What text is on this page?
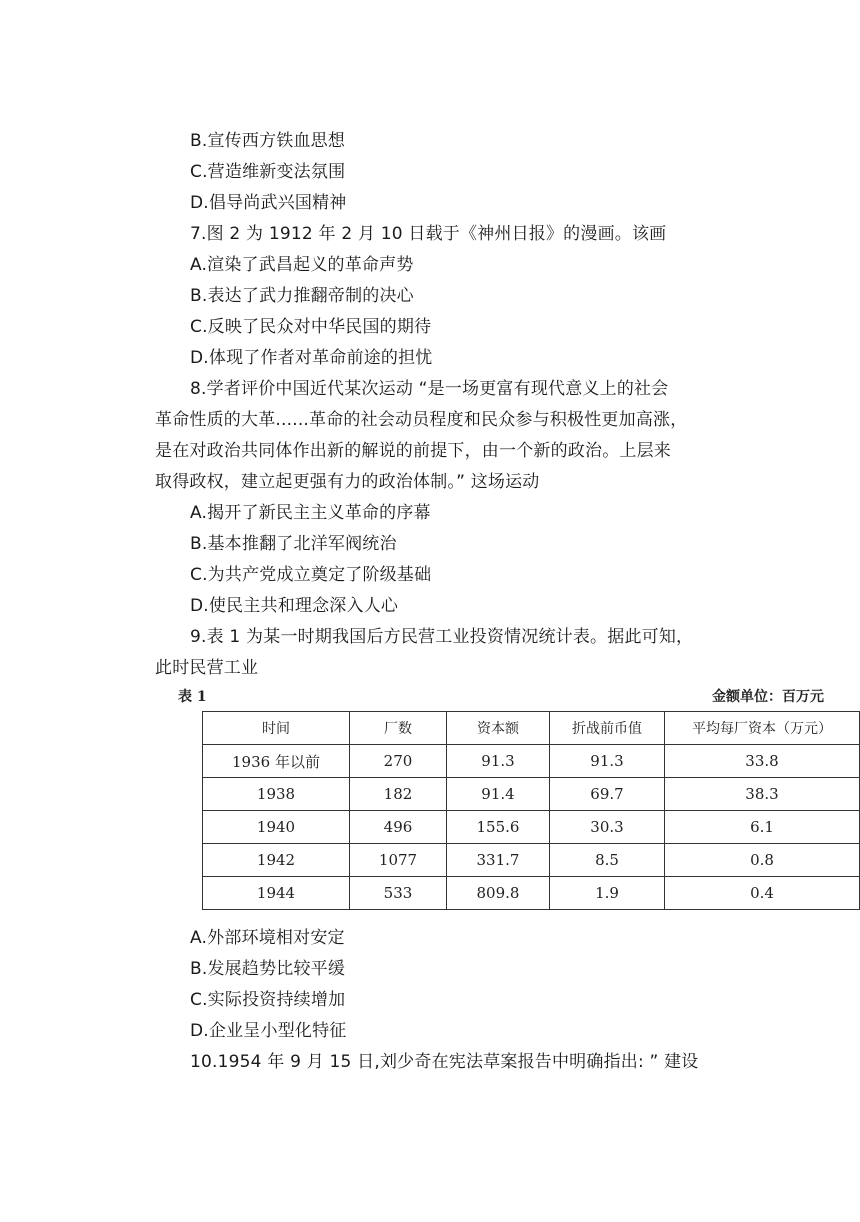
B.宣传西方铁血思想
C.营造维新变法氛围
D.倡导尚武兴国精神
7.图 2 为 1912 年 2 月 10 日载于《神州日报》的漫画。该画
A.渲染了武昌起义的革命声势
B.表达了武力推翻帝制的决心
C.反映了民众对中华民国的期待
D.体现了作者对革命前途的担忧
8.学者评价中国近代某次运动 “是一场更富有现代意义上的社会
革命性质的大革......革命的社会动员程度和民众参与积极性更加高涨，
是在对政治共同体作出新的解说的前提下，由一个新的政治。上层来
取得政权，建立起更强有力的政治体制。” 这场运动
A.揭开了新民主主义革命的序幕
B.基本推翻了北洋军阀统治
C.为共产党成立奠定了阶级基础
D.使民主共和理念深入人心
9.表 1 为某一时期我国后方民营工业投资情况统计表。据此可知，
此时民营工业
表 1	金额单位：百万元
时间	厂数	资本额	折战前币值	平均每厂资本（万元）
1936 年以前	270	91.3	91.3	33.8
1938	182	91.4	69.7	38.3
1940	496	155.6	30.3	6.1
1942	1077	331.7	8.5	0.8
1944	533	809.8	1.9	0.4
A.外部环境相对安定
B.发展趋势比较平缓
C.实际投资持续增加
D.企业呈小型化特征
10.1954 年 9 月 15 日,刘少奇在宪法草案报告中明确指出: ” 建设
